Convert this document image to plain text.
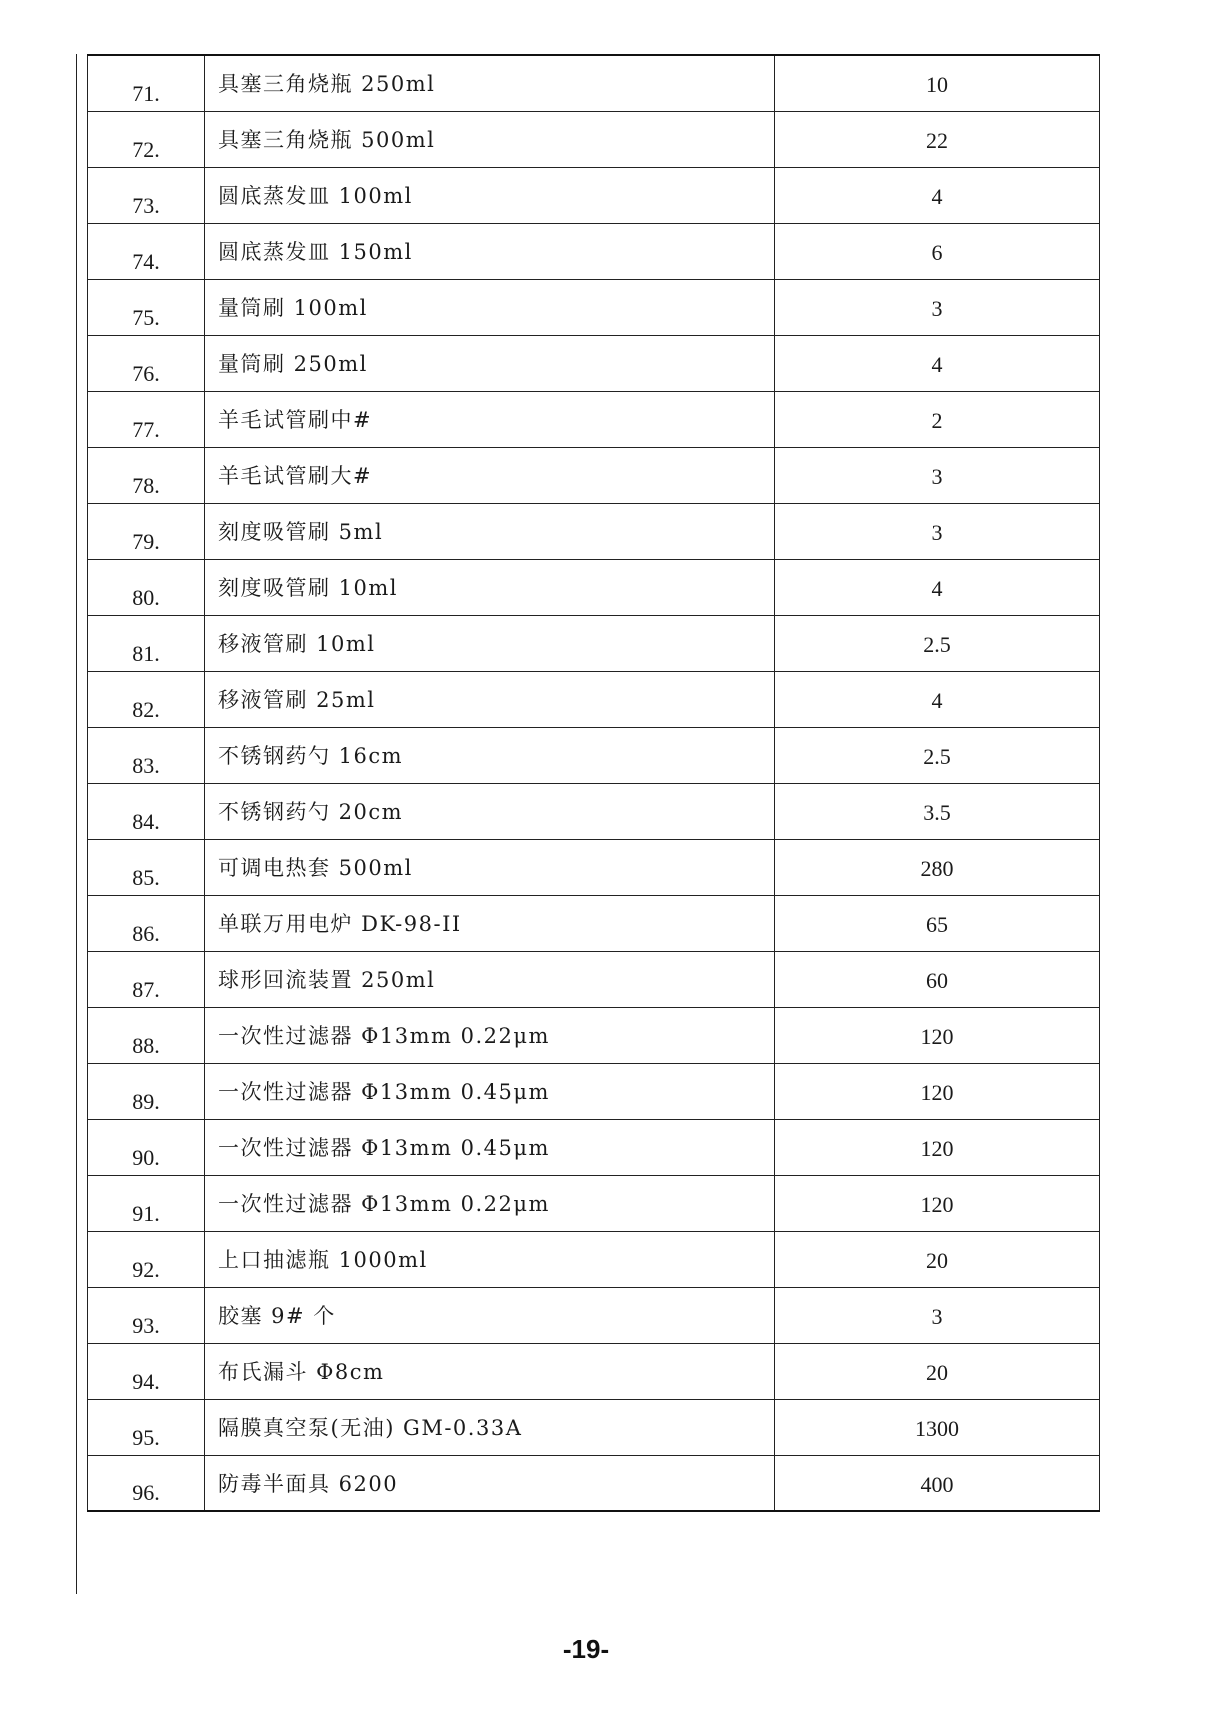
71.	具塞三角烧瓶 250ml	10
72.	具塞三角烧瓶 500ml	22
73.	圆底蒸发皿 100ml	4
74.	圆底蒸发皿 150ml	6
75.	量筒刷 100ml	3
76.	量筒刷 250ml	4
77.	羊毛试管刷中#	2
78.	羊毛试管刷大#	3
79.	刻度吸管刷 5ml	3
80.	刻度吸管刷 10ml	4
81.	移液管刷 10ml	2.5
82.	移液管刷 25ml	4
83.	不锈钢药勺 16cm	2.5
84.	不锈钢药勺 20cm	3.5
85.	可调电热套 500ml	280
86.	单联万用电炉 DK-98-II	65
87.	球形回流装置 250ml	60
88.	一次性过滤器 Φ13mm 0.22μm	120
89.	一次性过滤器 Φ13mm 0.45μm	120
90.	一次性过滤器 Φ13mm 0.45μm	120
91.	一次性过滤器 Φ13mm 0.22μm	120
92.	上口抽滤瓶 1000ml	20
93.	胶塞 9# 个	3
94.	布氏漏斗 Φ8cm	20
95.	隔膜真空泵(无油) GM-0.33A	1300
96.	防毒半面具 6200	400
-19-
